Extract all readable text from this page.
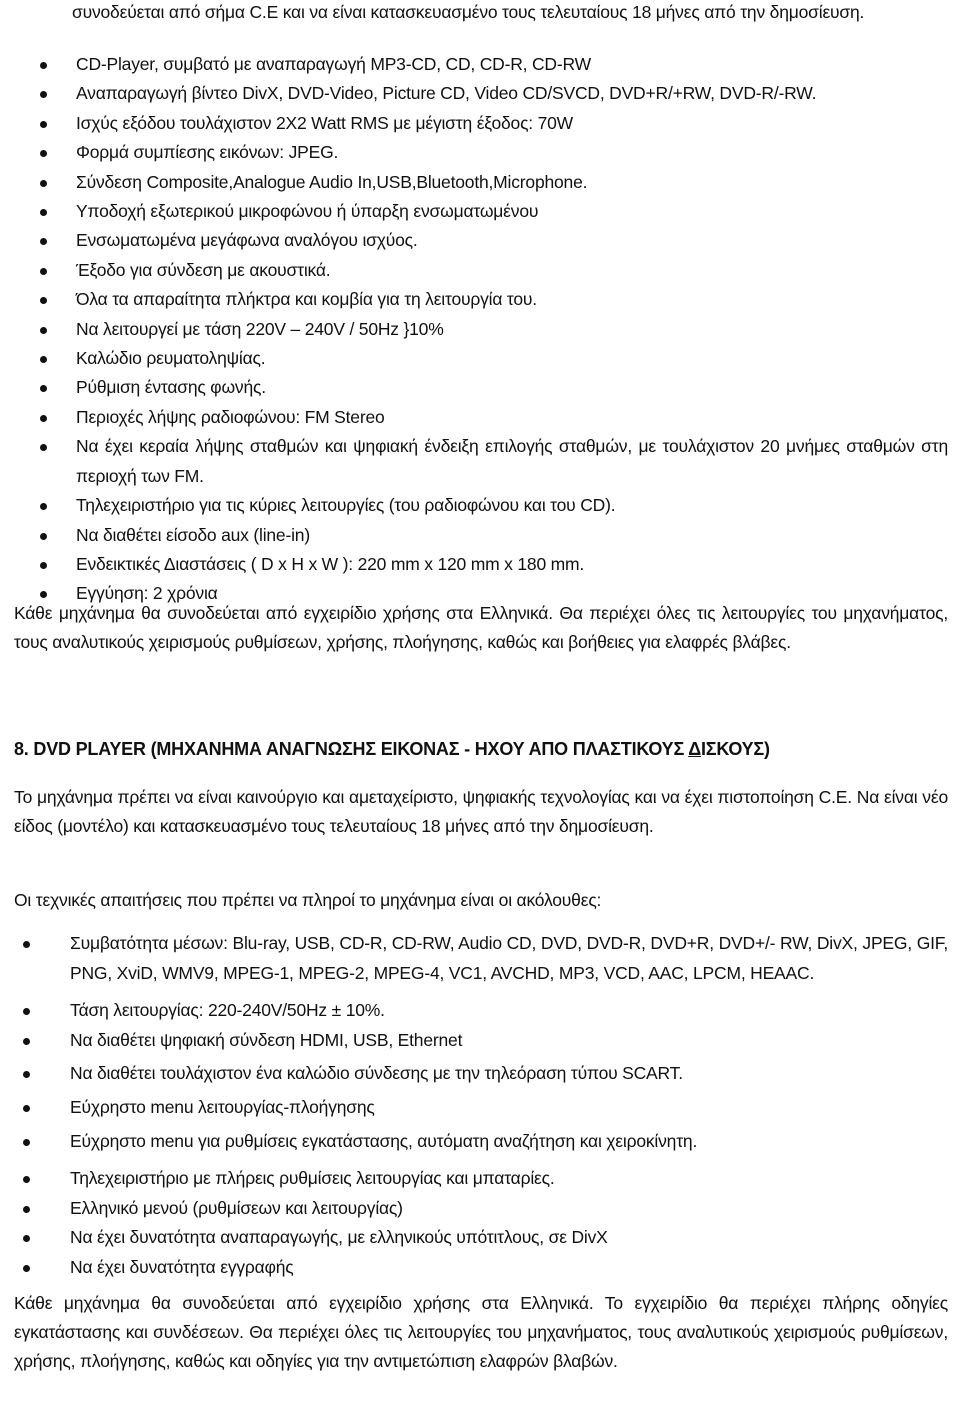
συνοδεύεται από σήμα C.E και να είναι κατασκευασμένο τους τελευταίους 18 μήνες από την δημοσίευση.

CD-Player, συμβατό με αναπαραγωγή MP3-CD, CD, CD-R, CD-RW
Αναπαραγωγή βίντεο DivX, DVD-Video, Picture CD, Video CD/SVCD, DVD+R/+RW, DVD-R/-RW.
Ισχύς εξόδου τουλάχιστον 2X2 Watt RMS με μέγιστη έξοδος: 70W
Φορμά συμπίεσης εικόνων: JPEG.
Σύνδεση Composite,Analogue Audio In,USB,Bluetooth,Microphone.
Υποδοχή εξωτερικού μικροφώνου ή ύπαρξη ενσωματωμένου
Ενσωματωμένα μεγάφωνα αναλόγου ισχύος.
Έξοδο για σύνδεση με ακουστικά.
Όλα τα απαραίτητα πλήκτρα και κομβία για τη λειτουργία του.
Να λειτουργεί με τάση 220V – 240V / 50Hz }10%
Καλώδιο ρευματοληψίας.
Ρύθμιση έντασης φωνής.
Περιοχές λήψης ραδιοφώνου: FM Stereo
Να έχει κεραία λήψης σταθμών και ψηφιακή ένδειξη επιλογής σταθμών, με τουλάχιστον 20 μνήμες σταθμών στη περιοχή των FM.
Τηλεχειριστήριο για τις κύριες λειτουργίες (του ραδιοφώνου και του CD).
Να διαθέτει είσοδο aux (line-in)
Ενδεικτικές Διαστάσεις ( D x H x W ): 220 mm x 120 mm x 180 mm.
Εγγύηση: 2 χρόνια

Κάθε μηχάνημα θα συνοδεύεται από εγχειρίδιο χρήσης στα Ελληνικά. Θα περιέχει όλες τις λειτουργίες του μηχανήματος, τους αναλυτικούς χειρισμούς ρυθμίσεων, χρήσης, πλοήγησης, καθώς και βοήθειες για ελαφρές βλάβες.

8. DVD PLAYER (ΜΗΧΑΝΗΜΑ ΑΝΑΓΝΩΣΗΣ ΕΙΚΟΝΑΣ - ΗΧΟΥ ΑΠΟ ΠΛΑΣΤΙΚΟΥΣ ΔΙΣΚΟΥΣ)

Το μηχάνημα πρέπει να είναι καινούργιο και αμεταχείριστο, ψηφιακής τεχνολογίας και να έχει πιστοποίηση C.E. Να είναι νέο είδος (μοντέλο) και κατασκευασμένο τους τελευταίους 18 μήνες από την δημοσίευση.

Οι τεχνικές απαιτήσεις που πρέπει να πληροί το μηχάνημα είναι οι ακόλουθες:

Συμβατότητα μέσων: Blu-ray, USB, CD-R, CD-RW, Audio CD, DVD, DVD-R, DVD+R, DVD+/- RW, DivX, JPEG, GIF, PNG, XviD, WMV9, MPEG-1, MPEG-2, MPEG-4, VC1, AVCHD, MP3, VCD, AAC, LPCM, HEAAC.
Τάση λειτουργίας: 220-240V/50Hz ± 10%.
Να διαθέτει ψηφιακή σύνδεση HDMI, USB, Ethernet
Να διαθέτει τουλάχιστον ένα καλώδιο σύνδεσης με την τηλεόραση τύπου SCART.
Εύχρηστο menu λειτουργίας-πλοήγησης
Εύχρηστο menu για ρυθμίσεις εγκατάστασης, αυτόματη αναζήτηση και χειροκίνητη.
Τηλεχειριστήριο με πλήρεις ρυθμίσεις λειτουργίας και μπαταρίες.
Ελληνικό μενού (ρυθμίσεων και λειτουργίας)
Να έχει δυνατότητα αναπαραγωγής, με ελληνικούς υπότιτλους, σε DivX
Να έχει δυνατότητα εγγραφής

Κάθε μηχάνημα θα συνοδεύεται από εγχειρίδιο χρήσης στα Ελληνικά. Το εγχειρίδιο θα περιέχει πλήρης οδηγίες εγκατάστασης και συνδέσεων. Θα περιέχει όλες τις λειτουργίες του μηχανήματος, τους αναλυτικούς χειρισμούς ρυθμίσεων, χρήσης, πλοήγησης, καθώς και οδηγίες για την αντιμετώπιση ελαφρών βλαβών.
